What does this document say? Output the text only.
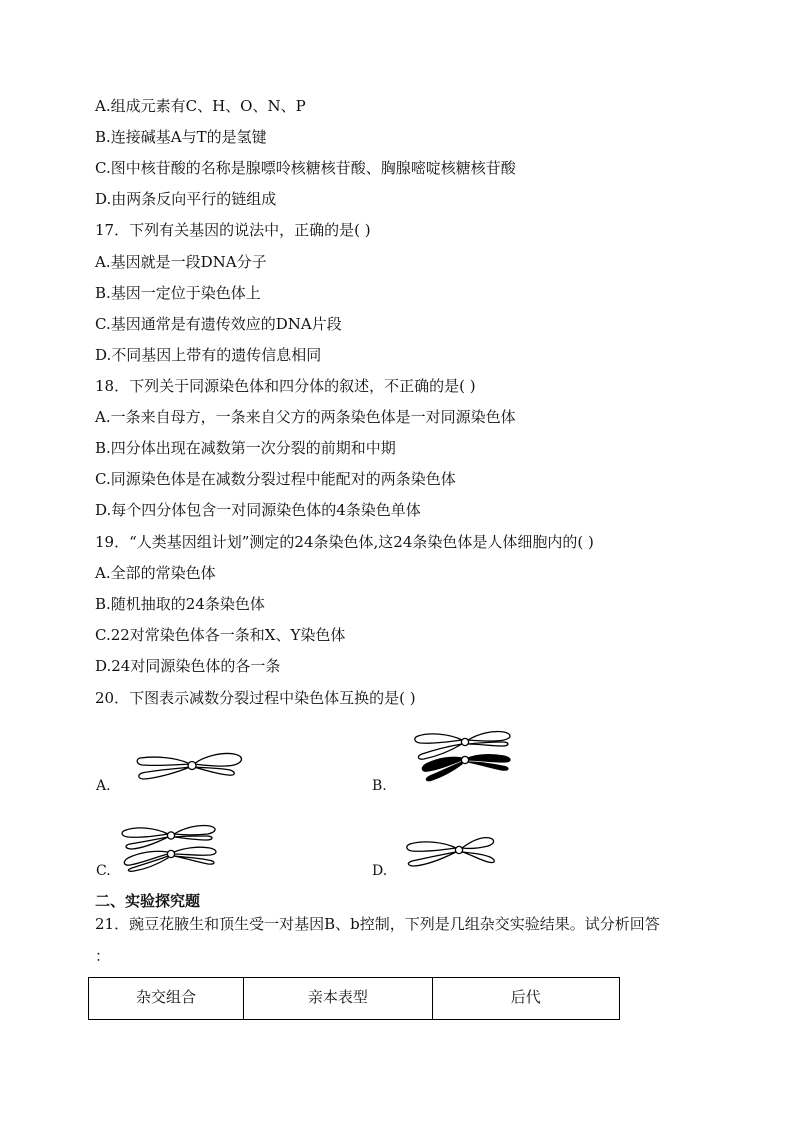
A.组成元素有C、H、O、N、P
B.连接碱基A与T的是氢键
C.图中核苷酸的名称是腺嘌呤核糖核苷酸、胸腺嘧啶核糖核苷酸
D.由两条反向平行的链组成
17．下列有关基因的说法中，正确的是( )
A.基因就是一段DNA分子
B.基因一定位于染色体上
C.基因通常是有遗传效应的DNA片段
D.不同基因上带有的遗传信息相同
18．下列关于同源染色体和四分体的叙述，不正确的是( )
A.一条来自母方，一条来自父方的两条染色体是一对同源染色体
B.四分体出现在减数第一次分裂的前期和中期
C.同源染色体是在减数分裂过程中能配对的两条染色体
D.每个四分体包含一对同源染色体的4条染色单体
19．“人类基因组计划”测定的24条染色体,这24条染色体是人体细胞内的( )
A.全部的常染色体
B.随机抽取的24条染色体
C.22对常染色体各一条和X、Y染色体
D.24对同源染色体的各一条
20．下图表示减数分裂过程中染色体互换的是( )
A.	B.
C.	D.
二、实验探究题
21．豌豆花腋生和顶生受一对基因B、b控制，下列是几组杂交实验结果。试分析回答
：
杂交组合	亲本表型	后代
